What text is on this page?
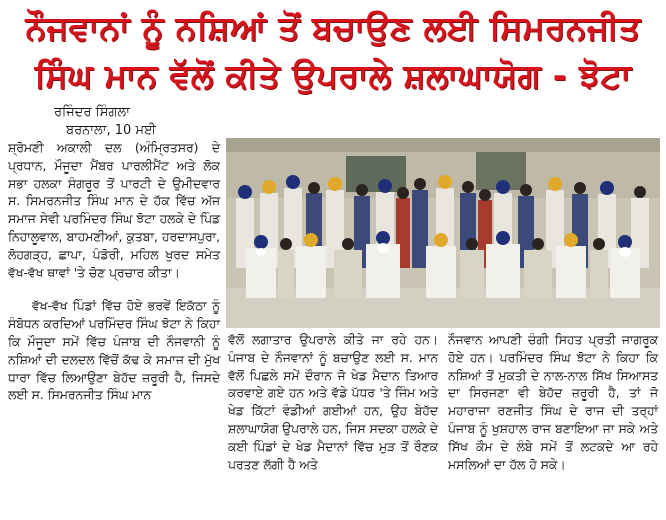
ਨੌਜਵਾਨਾਂ ਨੂੰ ਨਸ਼ਿਆਂ ਤੋਂ ਬਚਾਉਣ ਲਈ ਸਿਮਰਨਜੀਤ
ਸਿੰਘ ਮਾਨ ਵੱਲੋਂ ਕੀਤੇ ਉਪਰਾਲੇ ਸ਼ਲਾਘਾਯੋਗ - ਝੋਟਾ
ਰਜਿੰਦਰ ਸਿੰਗਲਾ
ਬਰਨਾਲਾ, 10 ਮਈ

ਸ਼੍ਰੋਮਣੀ ਅਕਾਲੀ ਦਲ (ਅੰਮ੍ਰਿਤਸਰ) ਦੇ ਪ੍ਰਧਾਨ, ਮੌਜੂਦਾ ਮੈਂਬਰ ਪਾਰਲੀਮੈਂਟ ਅਤੇ ਲੋਕ ਸਭਾ ਹਲਕਾ ਸੰਗਰੂਰ ਤੋਂ ਪਾਰਟੀ ਦੇ ਉਮੀਦਵਾਰ ਸ. ਸਿਮਰਨਜੀਤ ਸਿੰਘ ਮਾਨ ਦੇ ਹੱਕ ਵਿੱਚ ਅੱਜ ਸਮਾਜ ਸੇਵੀ ਪਰਮਿੰਦਰ ਸਿੰਘ ਝੋਟਾ ਹਲਕੇ ਦੇ ਪਿੰਡ ਨਿਹਾਲੂਵਾਲ, ਬਾਹਮਣੀਆਂ, ਕੁਤਬਾ, ਹਰਦਾਸਪੁਰਾ, ਲੋਹਗੜ੍ਹ, ਛਾਪਾ, ਪੰਡੋਰੀ, ਮਹਿਲ ਖੁਰਦ ਸਮੇਤ ਵੱਖ-ਵੱਖ ਥਾਵਾਂ 'ਤੇ ਚੋਣ ਪ੍ਰਚਾਰ ਕੀਤਾ।

ਵੱਖ-ਵੱਖ ਪਿੰਡਾਂ ਵਿੱਚ ਹੋਏ ਭਰਵੇਂ ਇਕੱਠਾ ਨੂੰ ਸੰਬੋਧਨ ਕਰਦਿਆਂ ਪਰਮਿੰਦਰ ਸਿੰਘ ਝੋਟਾ ਨੇ ਕਿਹਾ ਕਿ ਮੌਜੂਦਾ ਸਮੇਂ ਵਿੱਚ ਪੰਜਾਬ ਦੀ ਨੌਜਵਾਨੀ ਨੂੰ ਨਸ਼ਿਆਂ ਦੀ ਦਲਦਲ ਵਿੱਚੋਂ ਕੱਢ ਕੇ ਸਮਾਜ ਦੀ ਮੁੱਖ ਧਾਰਾ ਵਿੱਚ ਲਿਆਉਣਾ ਬੇਹੱਦ ਜ਼ਰੂਰੀ ਹੈ, ਜਿਸਦੇ ਲਈ ਸ. ਸਿਮਰਨਜੀਤ ਸਿੰਘ ਮਾਨ

ਵੱਲੋਂ ਲਗਾਤਾਰ ਉਪਰਾਲੇ ਕੀਤੇ ਜਾ ਰਹੇ ਹਨ। ਪੰਜਾਬ ਦੇ ਨੌਜਵਾਨਾਂ ਨੂੰ ਬਚਾਉਣ ਲਈ ਸ. ਮਾਨ ਵੱਲੋਂ ਪਿਛਲੇ ਸਮੇਂ ਦੌਰਾਨ ਜੋ ਖੇਡ ਮੈਦਾਨ ਤਿਆਰ ਕਰਵਾਏ ਗਏ ਹਨ ਅਤੇ ਵੱਡੇ ਪੱਧਰ 'ਤੇ ਜਿੰਮ ਅਤੇ ਖੇਡ ਕਿੱਟਾਂ ਵੰਡੀਆਂ ਗਈਆਂ ਹਨ, ਉਹ ਬੇਹੱਦ ਸ਼ਲਾਘਾਯੋਗ ਉਪਰਾਲੇ ਹਨ, ਜਿਸ ਸਦਕਾ ਹਲਕੇ ਦੇ ਕਈ ਪਿੰਡਾਂ ਦੇ ਖੇਡ ਮੈਦਾਨਾਂ ਵਿੱਚ ਮੁੜ ਤੋਂ ਰੌਣਕ ਪਰਤਣ ਲੱਗੀ ਹੈ ਅਤੇ

ਨੌਜਵਾਨ ਆਪਣੀ ਚੰਗੀ ਸਿਹਤ ਪ੍ਰਤੀ ਜਾਗਰੂਕ ਹੋਏ ਹਨ। ਪਰਮਿੰਦਰ ਸਿੰਘ ਝੋਟਾ ਨੇ ਕਿਹਾ ਕਿ ਨਸ਼ਿਆਂ ਤੋਂ ਮੁਕਤੀ ਦੇ ਨਾਲ-ਨਾਲ ਸਿੱਖ ਸਿਆਸਤ ਦਾ ਸਿਰਜਣਾ ਵੀ ਬੇਹੱਦ ਜ਼ਰੂਰੀ ਹੈ, ਤਾਂ ਜੋ ਮਹਾਰਾਜਾ ਰਣਜੀਤ ਸਿੰਘ ਦੇ ਰਾਜ ਦੀ ਤਰ੍ਹਾਂ ਪੰਜਾਬ ਨੂੰ ਖੁਸ਼ਹਾਲ ਰਾਜ ਬਣਾਇਆ ਜਾ ਸਕੇ ਅਤੇ ਸਿੱਖ ਕੌਮ ਦੇ ਲੰਬੇ ਸਮੇਂ ਤੋਂ ਲਟਕਦੇ ਆ ਰਹੇ ਮਸਲਿਆਂ ਦਾ ਹੱਲ ਹੋ ਸਕੇ।
